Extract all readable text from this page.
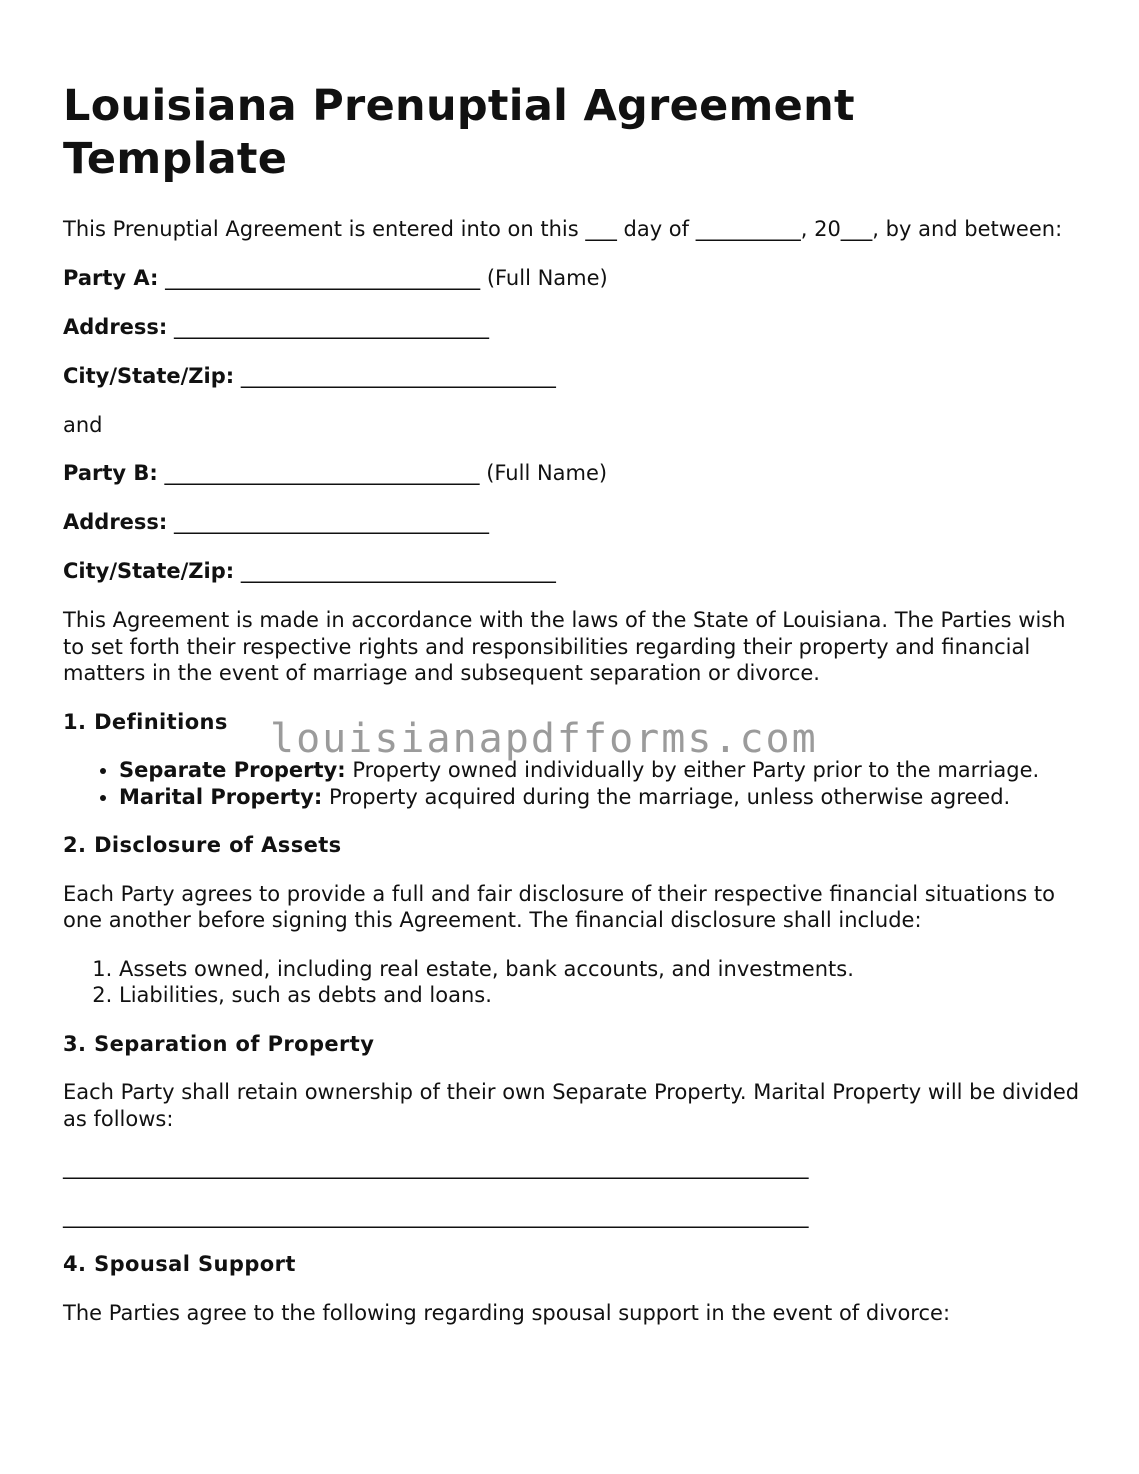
Louisiana Prenuptial Agreement Template

This Prenuptial Agreement is entered into on this ___ day of __________, 20___, by and between:

Party A: ______________________________ (Full Name)
Address: ______________________________
City/State/Zip: ______________________________

and

Party B: ______________________________ (Full Name)
Address: ______________________________
City/State/Zip: ______________________________

This Agreement is made in accordance with the laws of the State of Louisiana. The Parties wish to set forth their respective rights and responsibilities regarding their property and financial matters in the event of marriage and subsequent separation or divorce.

1. Definitions
• Separate Property: Property owned individually by either Party prior to the marriage.
• Marital Property: Property acquired during the marriage, unless otherwise agreed.
2. Disclosure of Assets

Each Party agrees to provide a full and fair disclosure of their respective financial situations to one another before signing this Agreement. The financial disclosure shall include:

1. Assets owned, including real estate, bank accounts, and investments.
2. Liabilities, such as debts and loans.
3. Separation of Property

Each Party shall retain ownership of their own Separate Property. Marital Property will be divided as follows:

_______________________________________________________________________
_______________________________________________________________________
4. Spousal Support

The Parties agree to the following regarding spousal support in the event of divorce:

louisianapdfforms.com
